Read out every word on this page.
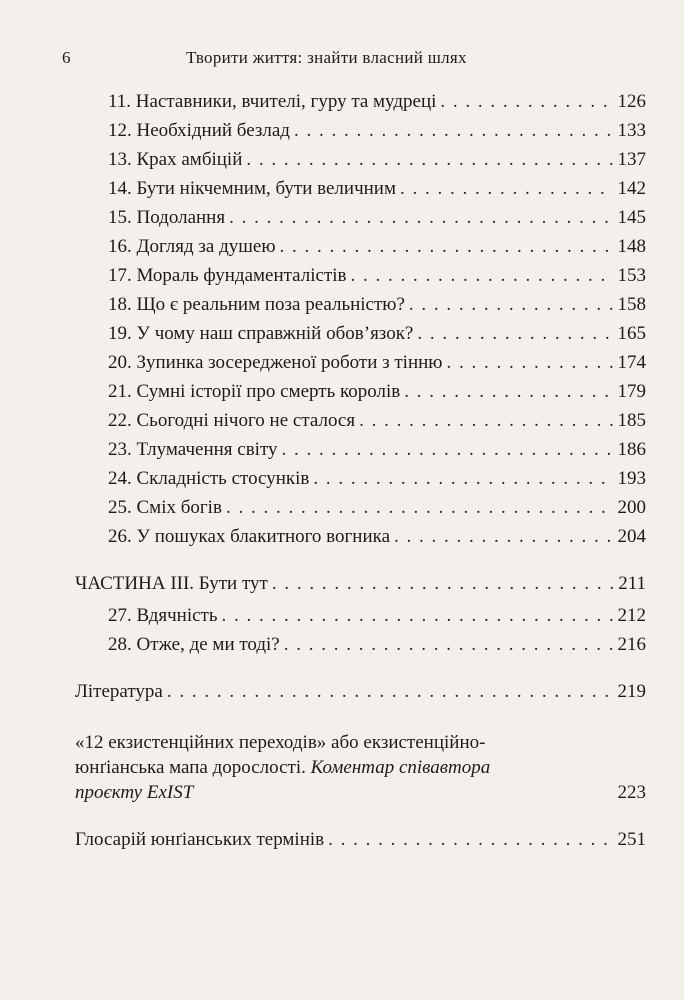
6	Творити життя: знайти власний шлях
11. Наставники, вчителі, гуру та мудреці . . .	126
12. Необхідний безлад . . .	133
13. Крах амбіцій . . .	137
14. Бути нікчемним, бути величним . . .	142
15. Подолання . . .	145
16. Догляд за душею . . .	148
17. Мораль фундаменталістів . . .	153
18. Що є реальним поза реальністю? . . .	158
19. У чому наш справжній обов’язок? . . .	165
20. Зупинка зосередженої роботи з тінню . . .	174
21. Сумні історії про смерть королів . . .	179
22. Сьогодні нічого не сталося . . .	185
23. Тлумачення світу . . .	186
24. Складність стосунків . . .	193
25. Сміх богів . . .	200
26. У пошуках блакитного вогника . . .	204
ЧАСТИНА III. Бути тут . . .	211
27. Вдячність . . .	212
28. Отже, де ми тоді? . . .	216
Література . . .	219
«12 екзистенційних переходів» або екзистенційно-
юнґіанська мапа дорослості. Коментар співавтора
проєкту ExIST	223
Глосарій юнґіанських термінів . . .	251
